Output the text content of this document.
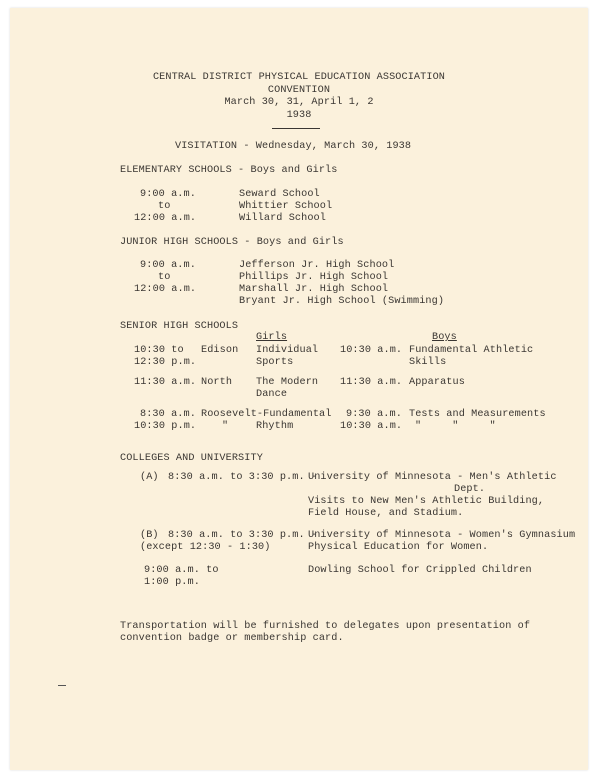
CENTRAL DISTRICT PHYSICAL EDUCATION ASSOCIATION
CONVENTION
March 30, 31, April 1, 2
1938
VISITATION - Wednesday, March 30, 1938
ELEMENTARY SCHOOLS - Boys and Girls
9:00 a.m.
to
12:00 a.m.
Seward School
Whittier School
Willard School
JUNIOR HIGH SCHOOLS - Boys and Girls
9:00 a.m.
to
12:00 a.m.
Jefferson Jr. High School
Phillips Jr. High School
Marshall Jr. High School
Bryant Jr. High School (Swimming)
SENIOR HIGH SCHOOLS
Girls	Boys
10:30 to
12:30 p.m.
Edison Individual
Sports
10:30 a.m. Fundamental Athletic
Skills
11:30 a.m. North The Modern
Dance
11:30 a.m. Apparatus
8:30 a.m.
10:30 p.m.
Roosevelt-Fundamental
"	Rhythm
9:30 a.m.
10:30 a.m.
Tests and Measurements
"     "     "
COLLEGES AND UNIVERSITY
(A) 8:30 a.m. to 3:30 p.m. -
University of Minnesota - Men's Athletic
Dept.
Visits to New Men's Athletic Building,
Field House, and Stadium.
(B) 8:30 a.m. to 3:30 p.m. -
(except 12:30 - 1:30)
University of Minnesota - Women's Gymnasium
Physical Education for Women.
9:00 a.m. to
1:00 p.m.
Dowling School for Crippled Children
Transportation will be furnished to delegates upon presentation of
convention badge or membership card.
